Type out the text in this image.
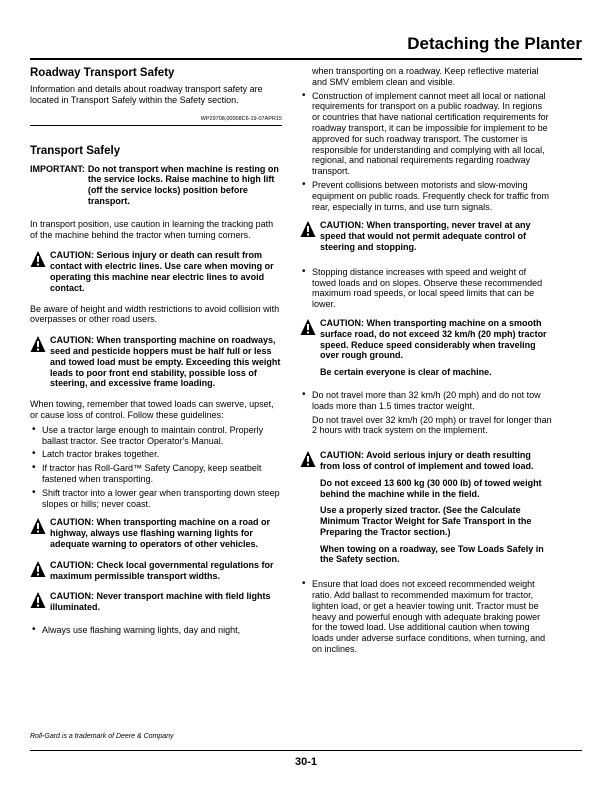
Detaching the Planter
Roadway Transport Safety

Information and details about roadway transport safety are located in Transport Safely within the Safety section.

WP29708,00008C6-19-07APR15
Transport Safely
IMPORTANT: Do not transport when machine is resting on the service locks. Raise machine to high lift (off the service locks) position before transport.

In transport position, use caution in learning the tracking path of the machine behind the tractor when turning corners.

CAUTION: Serious injury or death can result from contact with electric lines. Use care when moving or operating this machine near electric lines to avoid contact.

Be aware of height and width restrictions to avoid collision with overpasses or other road users.

CAUTION: When transporting machine on roadways, seed and pesticide hoppers must be half full or less and towed load must be empty. Exceeding this weight leads to poor front end stability, possible loss of steering, and excessive frame loading.

When towing, remember that towed loads can swerve, upset, or cause loss of control. Follow these guidelines:

• Use a tractor large enough to maintain control. Properly ballast tractor. See tractor Operator's Manual.
• Latch tractor brakes together.
• If tractor has Roll-Gard™ Safety Canopy, keep seatbelt fastened when transporting.
• Shift tractor into a lower gear when transporting down steep slopes or hills; never coast.
CAUTION: When transporting machine on a road or highway, always use flashing warning lights for adequate warning to operators of other vehicles.
CAUTION: Check local governmental regulations for maximum permissible transport widths.
CAUTION: Never transport machine with field lights illuminated.
• Always use flashing warning lights, day and night,

when transporting on a roadway. Keep reflective material and SMV emblem clean and visible.

• Construction of implement cannot meet all local or national requirements for transport on a public roadway. In regions or countries that have national certification requirements for roadway transport, it can be impossible for implement to be approved for such roadway transport. The customer is responsible for understanding and complying with all local, regional, and national requirements regarding roadway transport.
• Prevent collisions between motorists and slow-moving equipment on public roads. Frequently check for traffic from rear, especially in turns, and use turn signals.
CAUTION: When transporting, never travel at any speed that would not permit adequate control of steering and stopping.
• Stopping distance increases with speed and weight of towed loads and on slopes. Observe these recommended maximum road speeds, or local speed limits that can be lower.
CAUTION: When transporting machine on a smooth surface road, do not exceed 32 km/h (20 mph) tractor speed. Reduce speed considerably when traveling over rough ground.
Be certain everyone is clear of machine.
• Do not travel more than 32 km/h (20 mph) and do not tow loads more than 1.5 times tractor weight.

Do not travel over 32 km/h (20 mph) or travel for longer than 2 hours with track system on the implement.

CAUTION: Avoid serious injury or death resulting from loss of control of implement and towed load.
Do not exceed 13 600 kg (30 000 lb) of towed weight behind the machine while in the field.
Use a properly sized tractor. (See the Calculate Minimum Tractor Weight for Safe Transport in the Preparing the Tractor section.)
When towing on a roadway, see Tow Loads Safely in the Safety section.
• Ensure that load does not exceed recommended weight ratio. Add ballast to recommended maximum for tractor, lighten load, or get a heavier towing unit. Tractor must be heavy and powerful enough with adequate braking power for the towed load. Use additional caution when towing loads under adverse surface conditions, when turning, and on inclines.
Roll-Gard is a trademark of Deere & Company
30-1
